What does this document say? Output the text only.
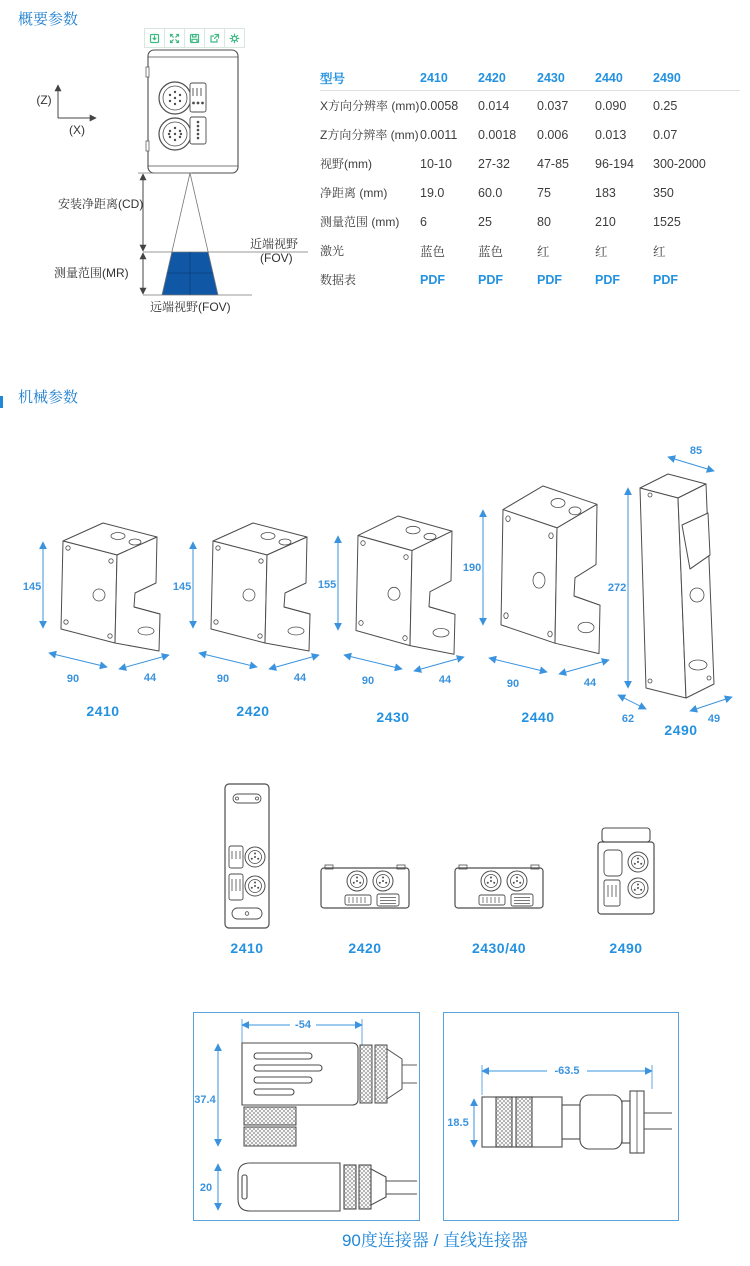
概要参数
(Z)
(X)
安装净距离(CD)
测量范围(MR)
近端视野
(FOV)
远端视野(FOV)
型号	2410	2420	2430	2440	2490
X方向分辨率 (mm) 0.0058	0.014	0.037	0.090	0.25
Z方向分辨率 (mm) 0.0011	0.0018	0.006	0.013	0.07
视野(mm)	10-10	27-32	47-85	96-194	300-2000
净距离 (mm)	19.0	60.0	75	183	350
测量范围 (mm)	6	25	80	210	1525
激光	蓝色	蓝色	红	红	红
数据表	PDF	PDF	PDF	PDF	PDF
机械参数
145
90	44
145
90	44
155
90	44
190
90	44
85
272
62	49
2410	2420	2430	2440
2490
2410	2420	2430/40	2490
-54
37.4
20
-63.5
18.5
90度连接器 / 直线连接器
